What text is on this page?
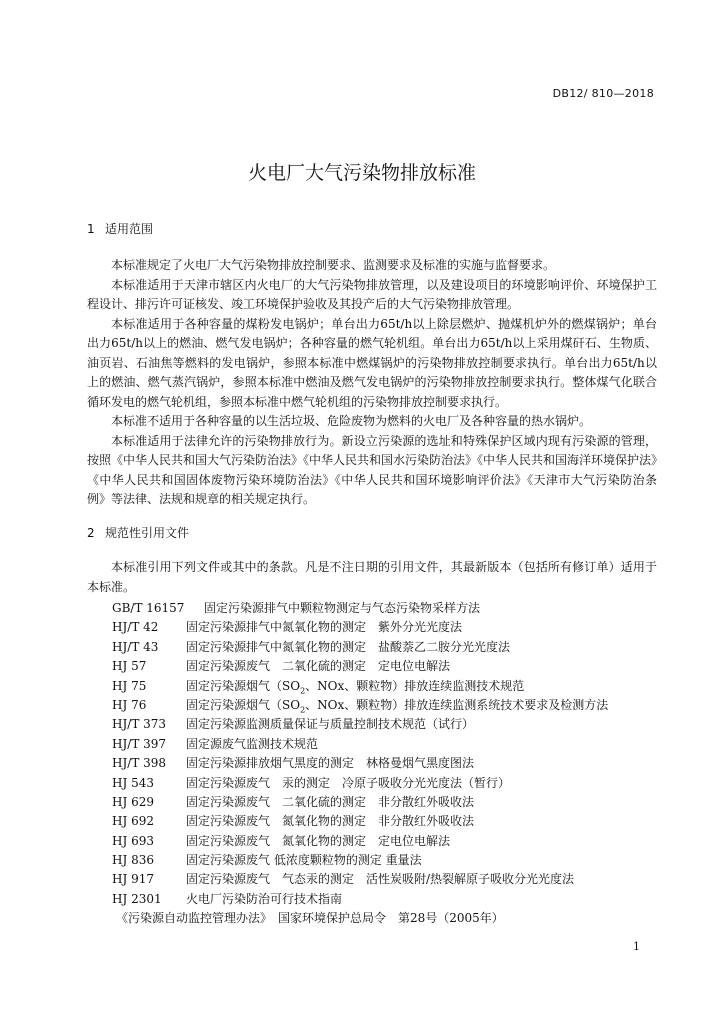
DB12/ 810—2018
火电厂大气污染物排放标准
1 适用范围

本标准规定了火电厂大气污染物排放控制要求、监测要求及标准的实施与监督要求。

本标准适用于天津市辖区内火电厂的大气污染物排放管理，以及建设项目的环境影响评价、环境保护工程设计、排污许可证核发、竣工环境保护验收及其投产后的大气污染物排放管理。

本标准适用于各种容量的煤粉发电锅炉；单台出力65t/h以上除层燃炉、抛煤机炉外的燃煤锅炉；单台出力65t/h以上的燃油、燃气发电锅炉；各种容量的燃气轮机组。单台出力65t/h以上采用煤矸石、生物质、油页岩、石油焦等燃料的发电锅炉，参照本标准中燃煤锅炉的污染物排放控制要求执行。单台出力65t/h以上的燃油、燃气蒸汽锅炉，参照本标准中燃油及燃气发电锅炉的污染物排放控制要求执行。整体煤气化联合循环发电的燃气轮机组，参照本标准中燃气轮机组的污染物排放控制要求执行。

本标准不适用于各种容量的以生活垃圾、危险废物为燃料的火电厂及各种容量的热水锅炉。

本标准适用于法律允许的污染物排放行为。新设立污染源的选址和特殊保护区域内现有污染源的管理，按照《中华人民共和国大气污染防治法》《中华人民共和国水污染防治法》《中华人民共和国海洋环境保护法》《中华人民共和国固体废物污染环境防治法》《中华人民共和国环境影响评价法》《天津市大气污染防治条例》等法律、法规和规章的相关规定执行。

2 规范性引用文件

本标准引用下列文件或其中的条款。凡是不注日期的引用文件，其最新版本（包括所有修订单）适用于本标准。

GB/T 16157 固定污染源排气中颗粒物测定与气态污染物采样方法
HJ/T 42 固定污染源排气中氮氧化物的测定　紫外分光光度法
HJ/T 43 固定污染源排气中氮氧化物的测定　盐酸萘乙二胺分光光度法
HJ 57	固定污染源废气　二氧化硫的测定　定电位电解法
HJ 75	固定污染源烟气（$SO_2$、NOx、颗粒物）排放连续监测技术规范
HJ 76	固定污染源烟气（$SO_2$、NOx、颗粒物）排放连续监测系统技术要求及检测方法
HJ/T 373 固定污染源监测质量保证与质量控制技术规范（试行）
HJ/T 397 固定源废气监测技术规范
HJ/T 398 固定污染源排放烟气黑度的测定　林格曼烟气黑度图法
HJ 543	固定污染源废气　汞的测定　冷原子吸收分光光度法（暂行）
HJ 629	固定污染源废气　二氧化硫的测定　非分散红外吸收法
HJ 692	固定污染源废气　氮氧化物的测定　非分散红外吸收法
HJ 693	固定污染源废气　氮氧化物的测定　定电位电解法
HJ 836	固定污染源废气 低浓度颗粒物的测定 重量法
HJ 917	固定污染源废气　气态汞的测定　活性炭吸附/热裂解原子吸收分光光度法
HJ 2301 火电厂污染防治可行技术指南
《污染源自动监控管理办法》　国家环境保护总局令　第28号（2005年）
1
